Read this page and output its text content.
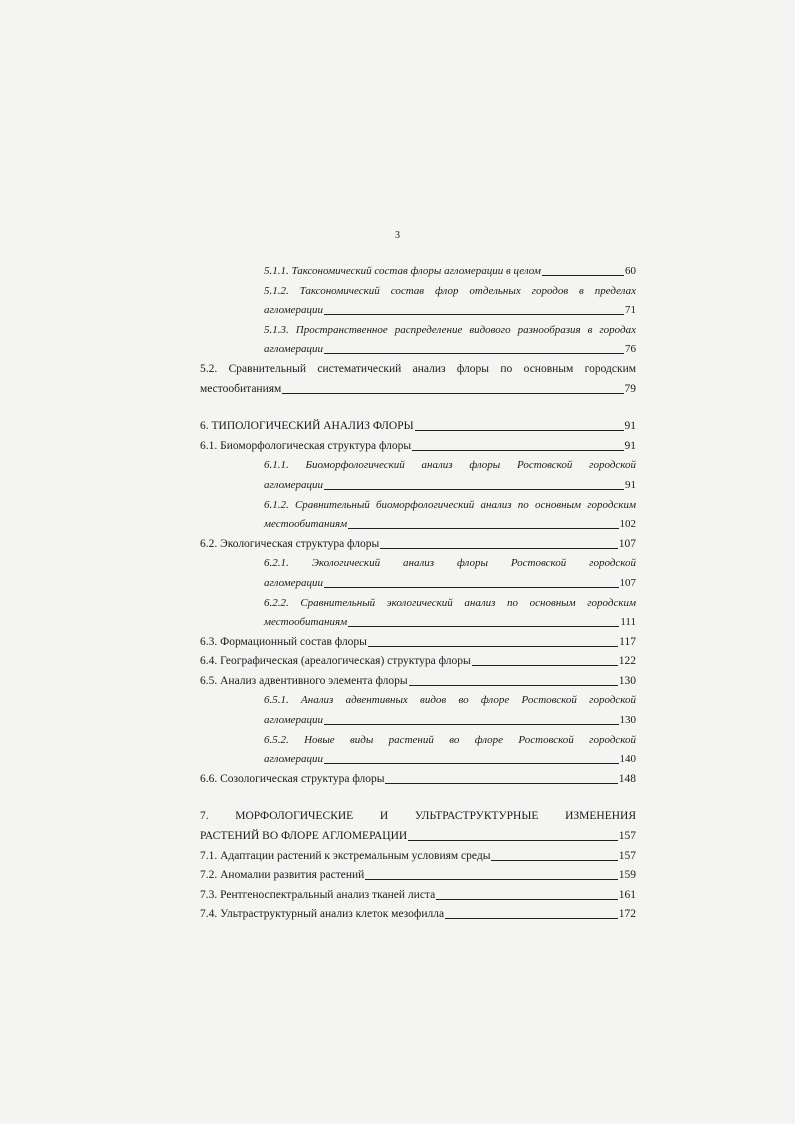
3
5.1.1. Таксономический состав флоры агломерации в целом	60
5.1.2. Таксономический состав флор отдельных городов в пределах
агломерации	71
5.1.3. Пространственное распределение видового разнообразия в городах
агломерации	76
5.2. Сравнительный систематический анализ флоры по основным городским
местообитаниям	79
6. ТИПОЛОГИЧЕСКИЙ АНАЛИЗ ФЛОРЫ	91
6.1. Биоморфологическая структура флоры	91
6.1.1. Биоморфологический анализ флоры Ростовской городской
агломерации	91
6.1.2. Сравнительный биоморфологический анализ по основным городским
местообитаниям	102
6.2. Экологическая структура флоры	107
6.2.1. Экологический анализ флоры Ростовской городской
агломерации	107
6.2.2. Сравнительный экологический анализ по основным городским
местообитаниям	111
6.3. Формационный состав флоры	117
6.4. Географическая (ареалогическая) структура флоры	122
6.5. Анализ адвентивного элемента флоры	130
6.5.1. Анализ адвентивных видов во флоре Ростовской городской
агломерации	130
6.5.2. Новые виды растений во флоре Ростовской городской
агломерации	140
6.6. Созологическая структура флоры	148
7. МОРФОЛОГИЧЕСКИЕ И УЛЬТРАСТРУКТУРНЫЕ ИЗМЕНЕНИЯ
РАСТЕНИЙ ВО ФЛОРЕ АГЛОМЕРАЦИИ	157
7.1. Адаптации растений к экстремальным условиям среды	157
7.2. Аномалии развития растений	159
7.3. Рентгеноспектральный анализ тканей листа	161
7.4. Ультраструктурный анализ клеток мезофилла	172
